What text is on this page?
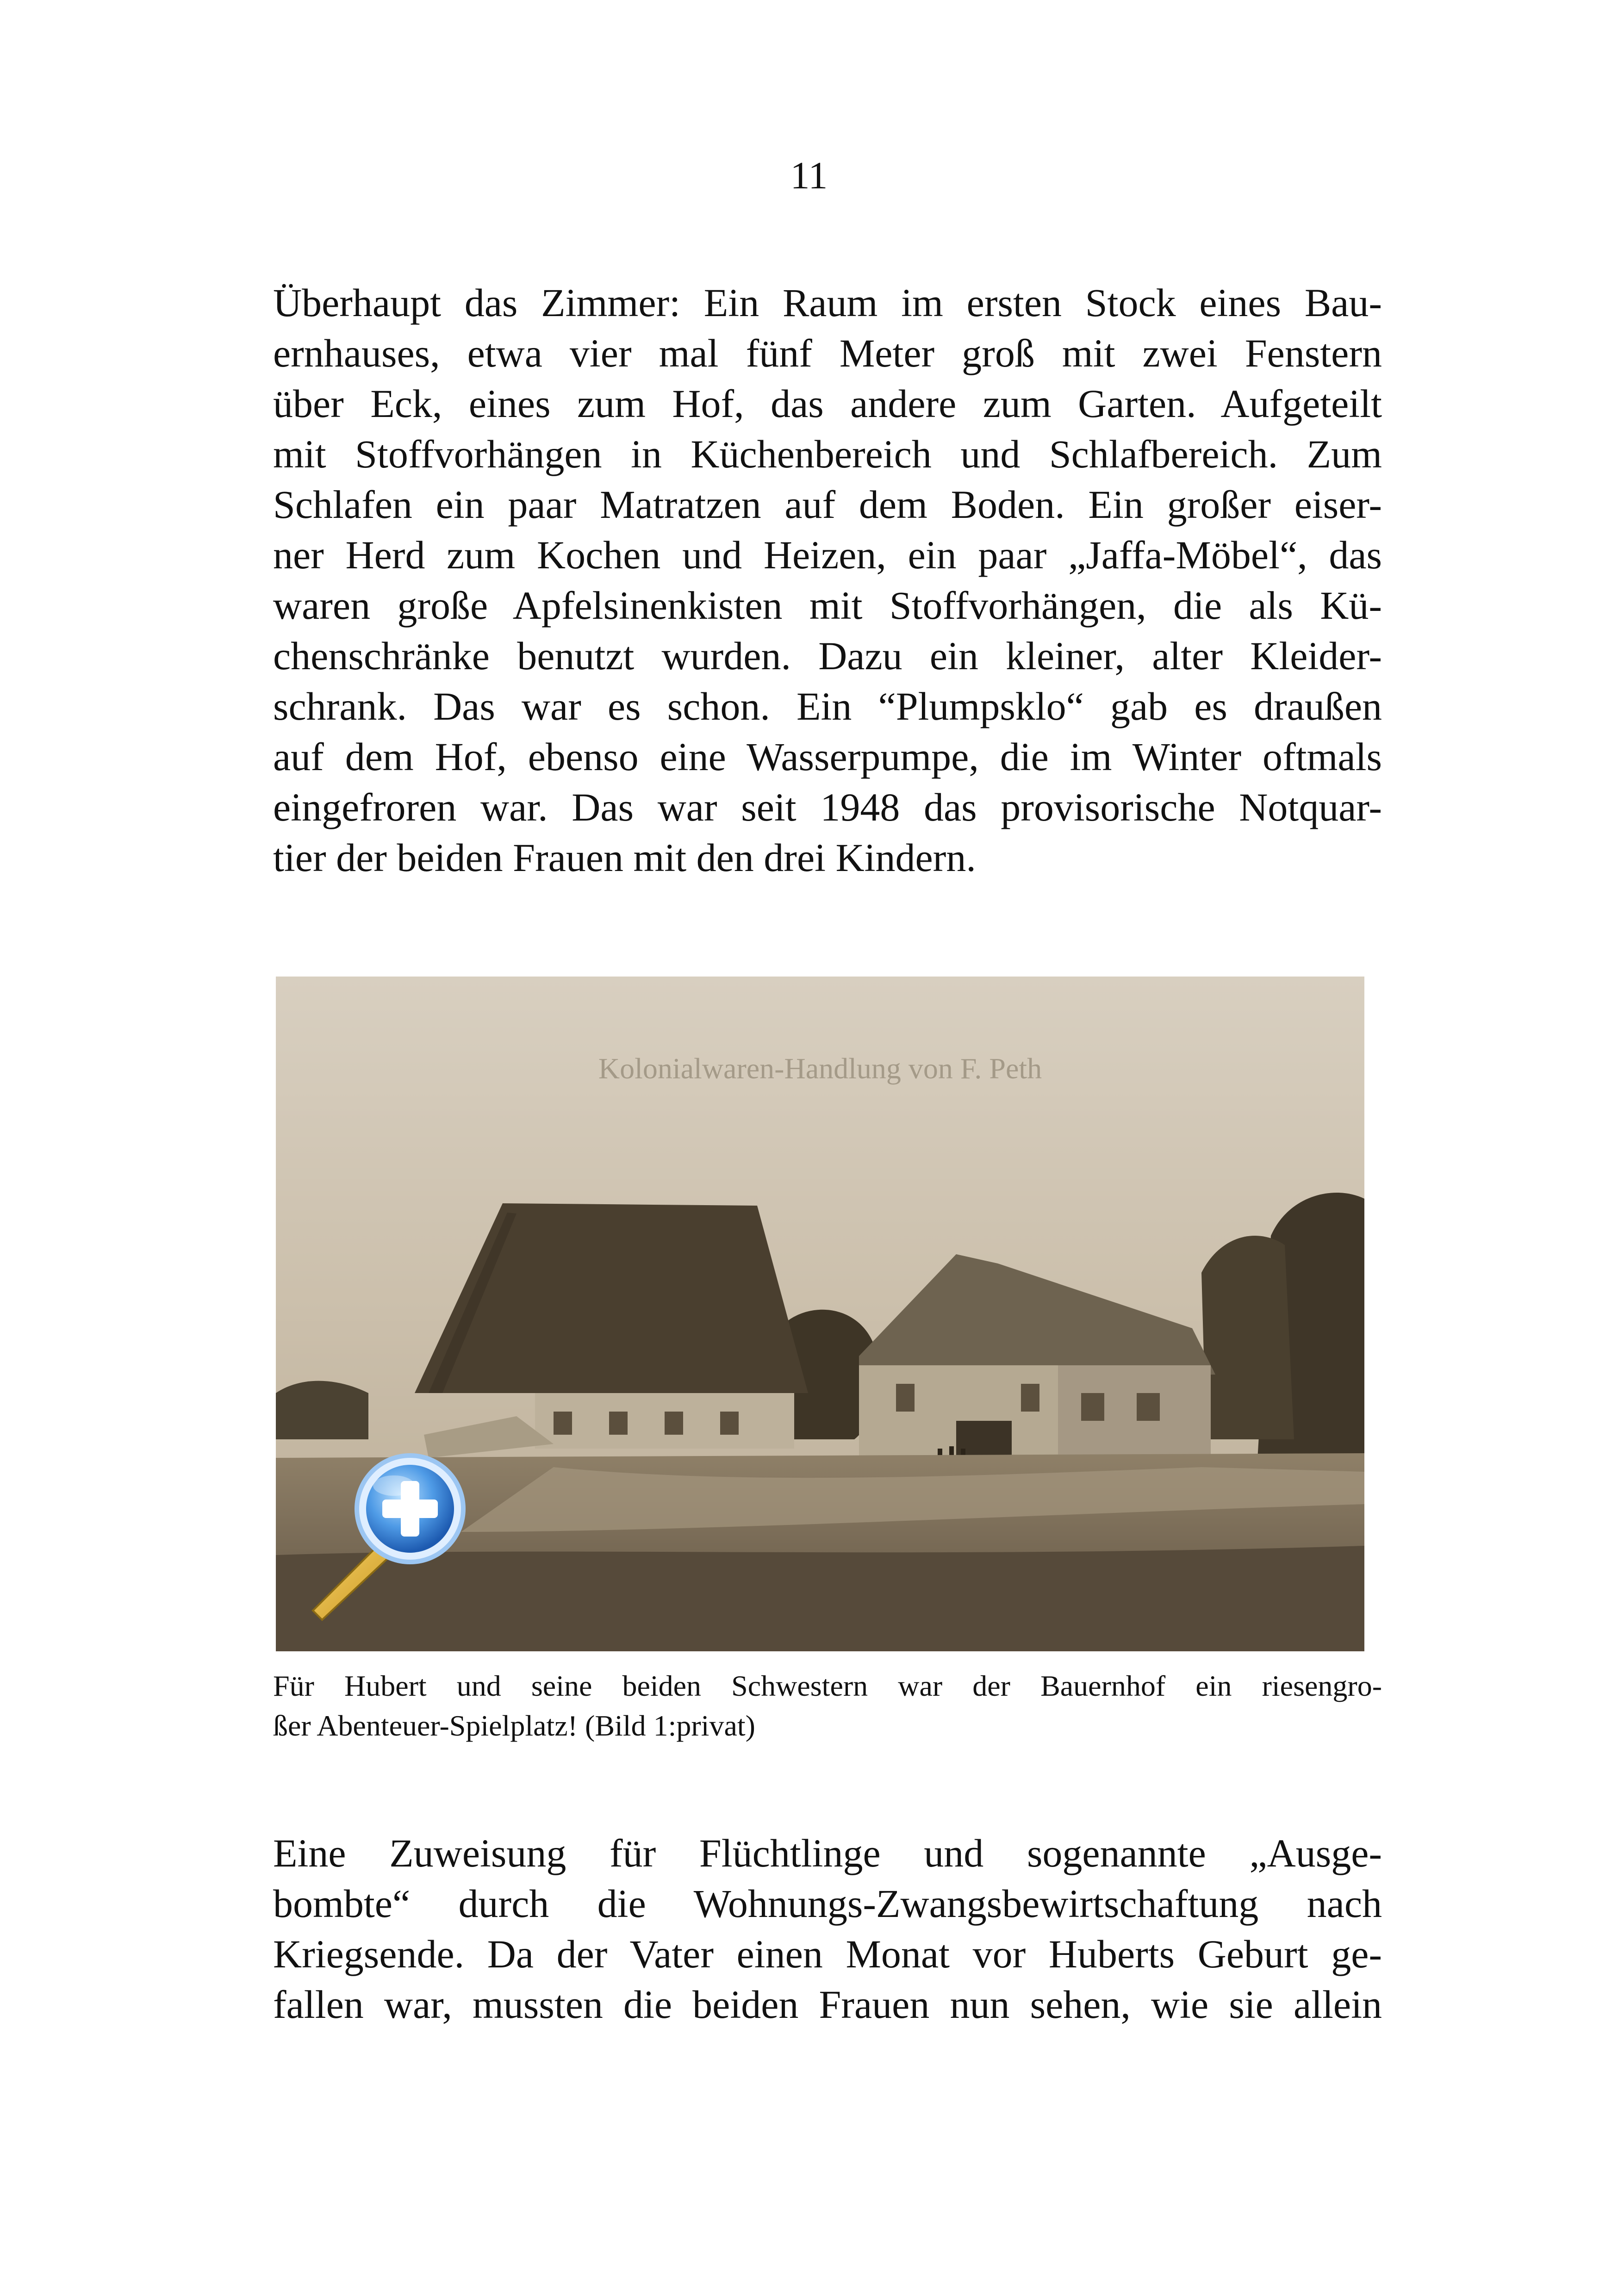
11
Überhaupt das Zimmer: Ein Raum im ersten Stock eines Bau-
ernhauses, etwa vier mal fünf Meter groß mit zwei Fenstern
über Eck, eines zum Hof, das andere zum Garten. Aufgeteilt
mit Stoffvorhängen in Küchenbereich und Schlafbereich. Zum
Schlafen ein paar Matratzen auf dem Boden. Ein großer eiser-
ner Herd zum Kochen und Heizen, ein paar „Jaffa-Möbel“, das
waren große Apfelsinenkisten mit Stoffvorhängen, die als Kü-
chenschränke benutzt wurden. Dazu ein kleiner, alter Kleider-
schrank. Das war es schon. Ein “Plumpsklo“ gab es draußen
auf dem Hof, ebenso eine Wasserpumpe, die im Winter oftmals
eingefroren war. Das war seit 1948 das provisorische Notquar-
tier der beiden Frauen mit den drei Kindern.
Kolonialwaren-Handlung von F. Peth
Für Hubert und seine beiden Schwestern war der Bauernhof ein riesengro-
ßer Abenteuer-Spielplatz! (Bild 1:privat)
Eine Zuweisung für Flüchtlinge und sogenannte „Ausge-
bombte“ durch die Wohnungs-Zwangsbewirtschaftung nach
Kriegsende. Da der Vater einen Monat vor Huberts Geburt ge-
fallen war, mussten die beiden Frauen nun sehen, wie sie allein
